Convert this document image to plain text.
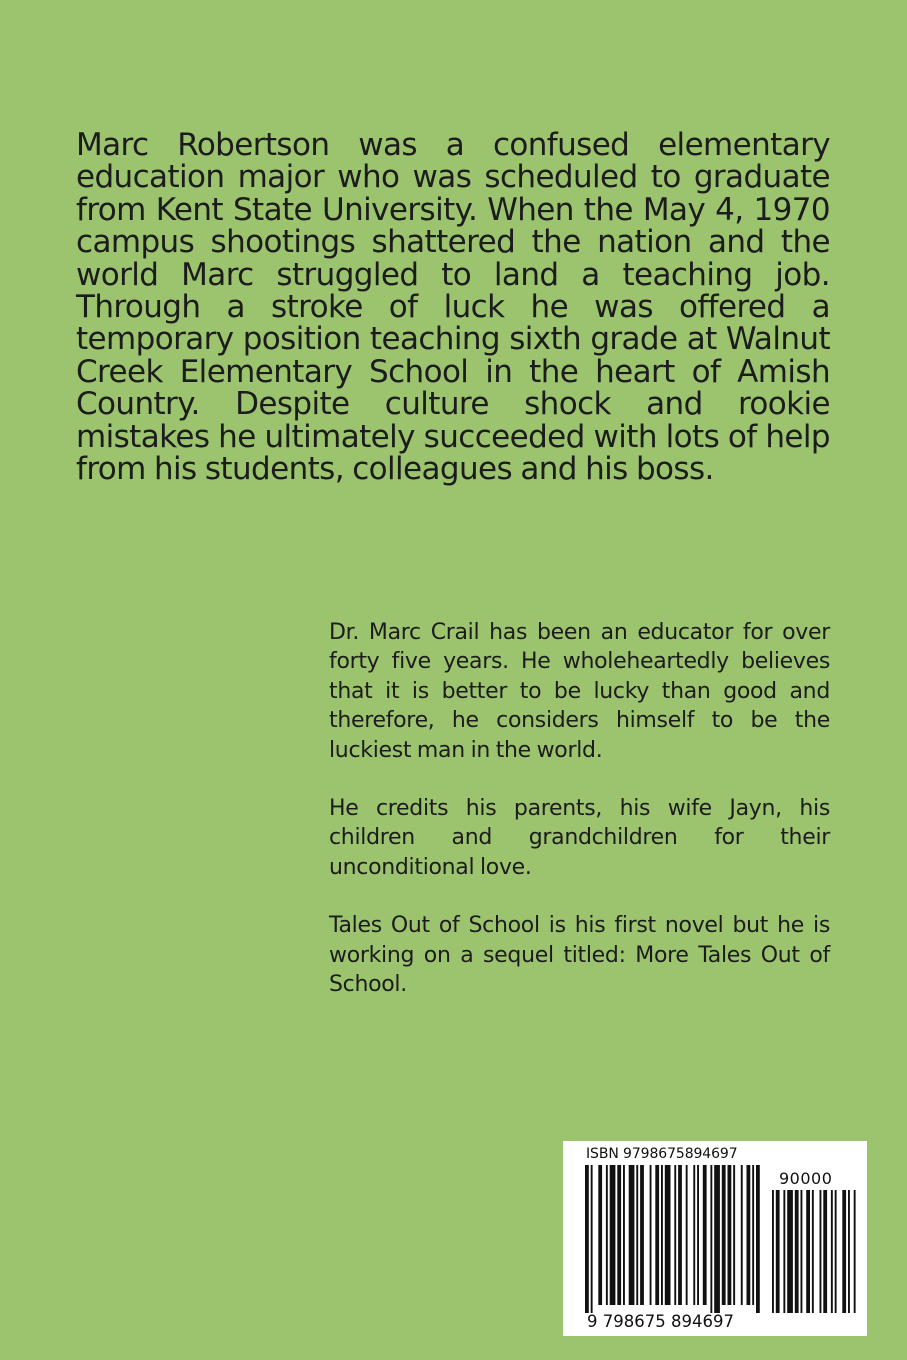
Marc Robertson was a confused elementary education major who was scheduled to graduate from Kent State University. When the May 4, 1970 campus shootings shattered the nation and the world Marc struggled to land a teaching job. Through a stroke of luck he was offered a temporary position teaching sixth grade at Walnut Creek Elementary School in the heart of Amish Country. Despite culture shock and rookie mistakes he ultimately succeeded with lots of help from his students, colleagues and his boss.

Dr. Marc Crail has been an educator for over forty five years. He wholeheartedly believes that it is better to be lucky than good and therefore, he considers himself to be the luckiest man in the world.

He credits his parents, his wife Jayn, his children and grandchildren for their unconditional love.

Tales Out of School is his first novel but he is working on a sequel titled: More Tales Out of School.

ISBN 9798675894697
90000
9 798675 894697
